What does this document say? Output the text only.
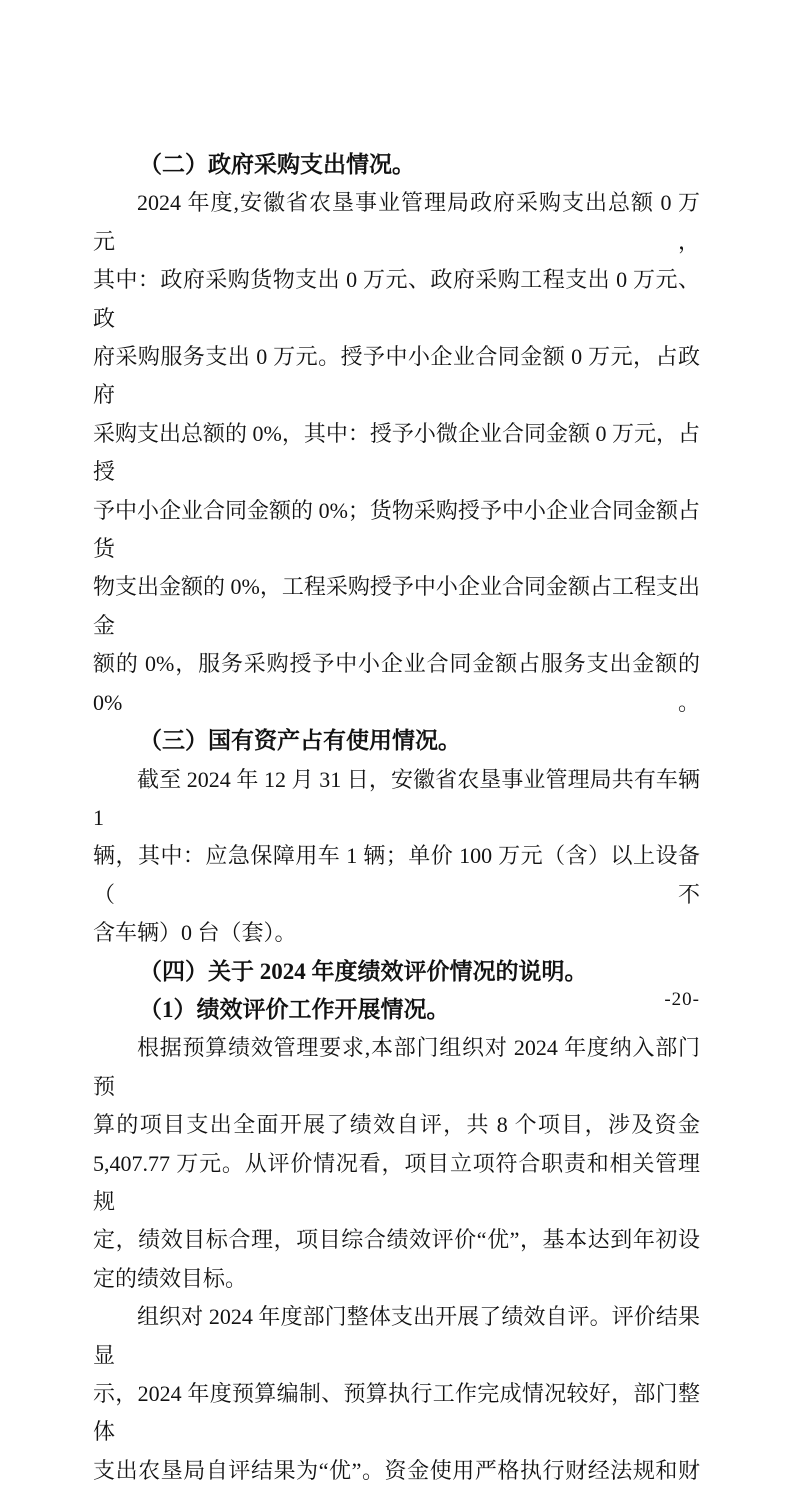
（二）政府采购支出情况。
2024 年度,安徽省农垦事业管理局政府采购支出总额 0 万元，
其中：政府采购货物支出 0 万元、政府采购工程支出 0 万元、政
府采购服务支出 0 万元。授予中小企业合同金额 0 万元，占政府
采购支出总额的 0%，其中：授予小微企业合同金额 0 万元，占授
予中小企业合同金额的 0%；货物采购授予中小企业合同金额占货
物支出金额的 0%，工程采购授予中小企业合同金额占工程支出金
额的 0%，服务采购授予中小企业合同金额占服务支出金额的 0%。
（三）国有资产占有使用情况。
截至 2024 年 12 月 31 日，安徽省农垦事业管理局共有车辆 1
辆，其中：应急保障用车 1 辆；单价 100 万元（含）以上设备（不
含车辆）0 台（套）。
（四）关于 2024 年度绩效评价情况的说明。
（1）绩效评价工作开展情况。
根据预算绩效管理要求,本部门组织对 2024 年度纳入部门预
算的项目支出全面开展了绩效自评，共 8 个项目，涉及资金
5,407.77 万元。从评价情况看，项目立项符合职责和相关管理规
定，绩效目标合理，项目综合绩效评价“优”，基本达到年初设
定的绩效目标。
组织对 2024 年度部门整体支出开展了绩效自评。评价结果显
示，2024 年度预算编制、预算执行工作完成情况较好，部门整体
支出农垦局自评结果为“优”。资金使用严格执行财经法规和财
-20-
